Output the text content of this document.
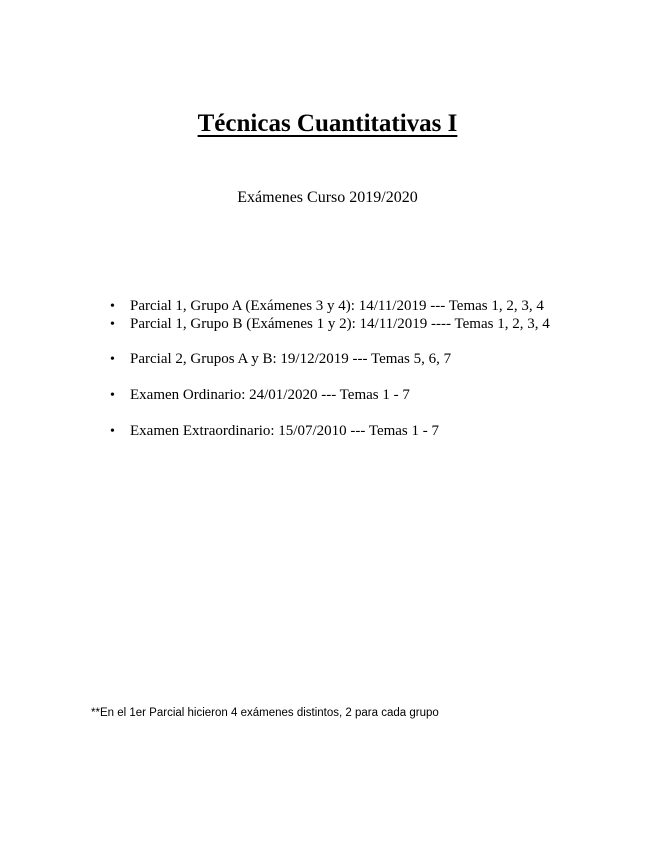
Técnicas Cuantitativas I
Exámenes Curso 2019/2020
• Parcial 1, Grupo A (Exámenes 3 y 4): 14/11/2019 --- Temas 1, 2, 3, 4
• Parcial 1, Grupo B (Exámenes 1 y 2): 14/11/2019 ---- Temas 1, 2, 3, 4
• Parcial 2, Grupos A y B: 19/12/2019 --- Temas 5, 6, 7
• Examen Ordinario: 24/01/2020 --- Temas 1 - 7
• Examen Extraordinario: 15/07/2010 --- Temas 1 - 7
**En el 1er Parcial hicieron 4 exámenes distintos, 2 para cada grupo
